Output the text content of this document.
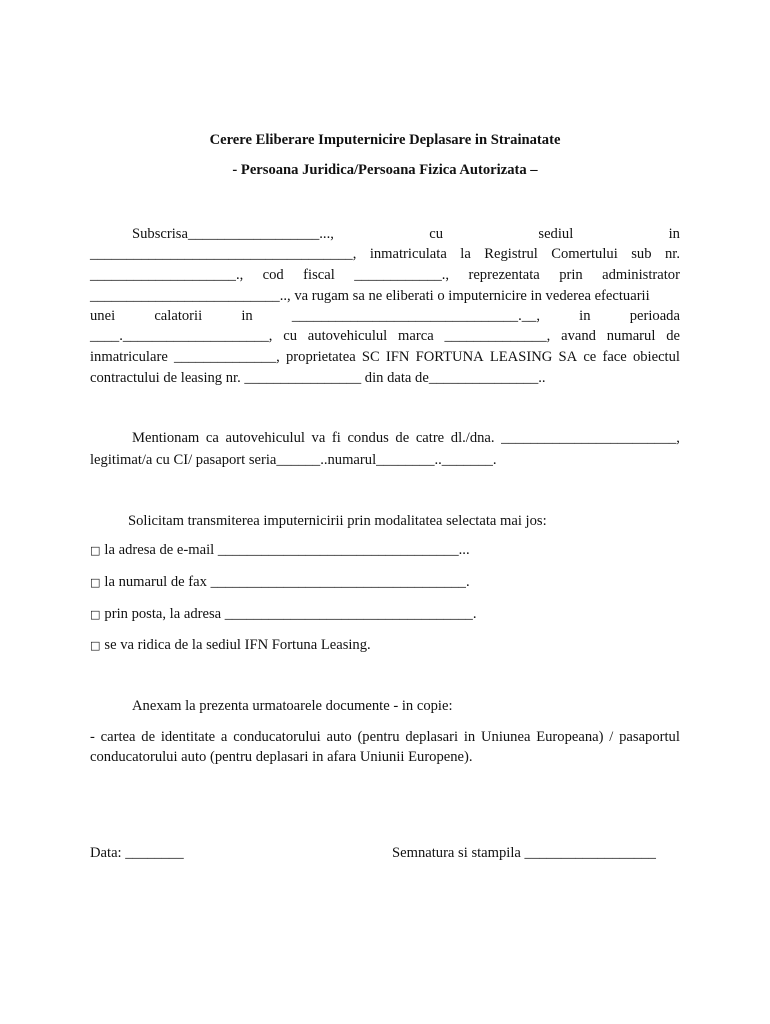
Cerere Eliberare Imputernicire Deplasare in Strainatate
- Persoana Juridica/Persoana Fizica Autorizata –
Subscrisa__________________...,	cu	sediul	in
____________________________________, inmatriculata la Registrul Comertului sub nr.
____________________., cod fiscal ____________., reprezentata prin administrator
__________________________.., va rugam sa ne eliberati o imputernicire in vederea efectuarii
unei	calatorii	in	_______________________________.__,	in	perioada
____.____________________, cu autovehiculul marca ______________, avand numarul de
inmatriculare ______________, proprietatea SC IFN FORTUNA LEASING SA ce face obiectul
contractului de leasing nr. ________________ din data de_______________..
Mentionam ca autovehiculul va fi condus de catre dl./dna. ________________________,
legitimat/a cu CI/ pasaport seria______..numarul________.._______.
Solicitam transmiterea imputernicirii prin modalitatea selectata mai jos:
□ la adresa de e-mail _________________________________...
□ la numarul de fax ___________________________________.
□ prin posta, la adresa __________________________________.
□ se va ridica de la sediul IFN Fortuna Leasing.
Anexam la prezenta urmatoarele documente - in copie:
- cartea de identitate a conducatorului auto (pentru deplasari in Uniunea Europeana) / pasaportul
conducatorului auto (pentru deplasari in afara Uniunii Europene).
Data: ________	Semnatura si stampila __________________
